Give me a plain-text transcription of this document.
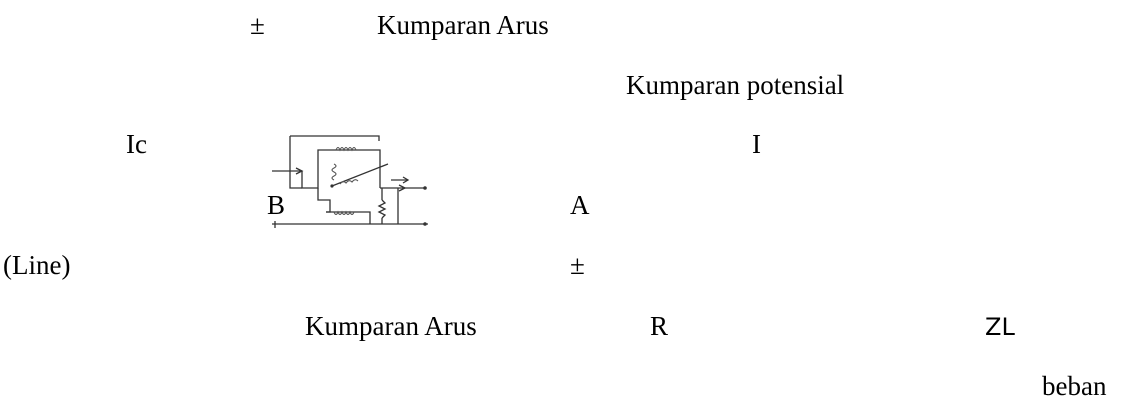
±	Kumparan Arus
Kumparan potensial
Ic	I
B	A
(Line)	±
Kumparan Arus	R	ZL
beban
